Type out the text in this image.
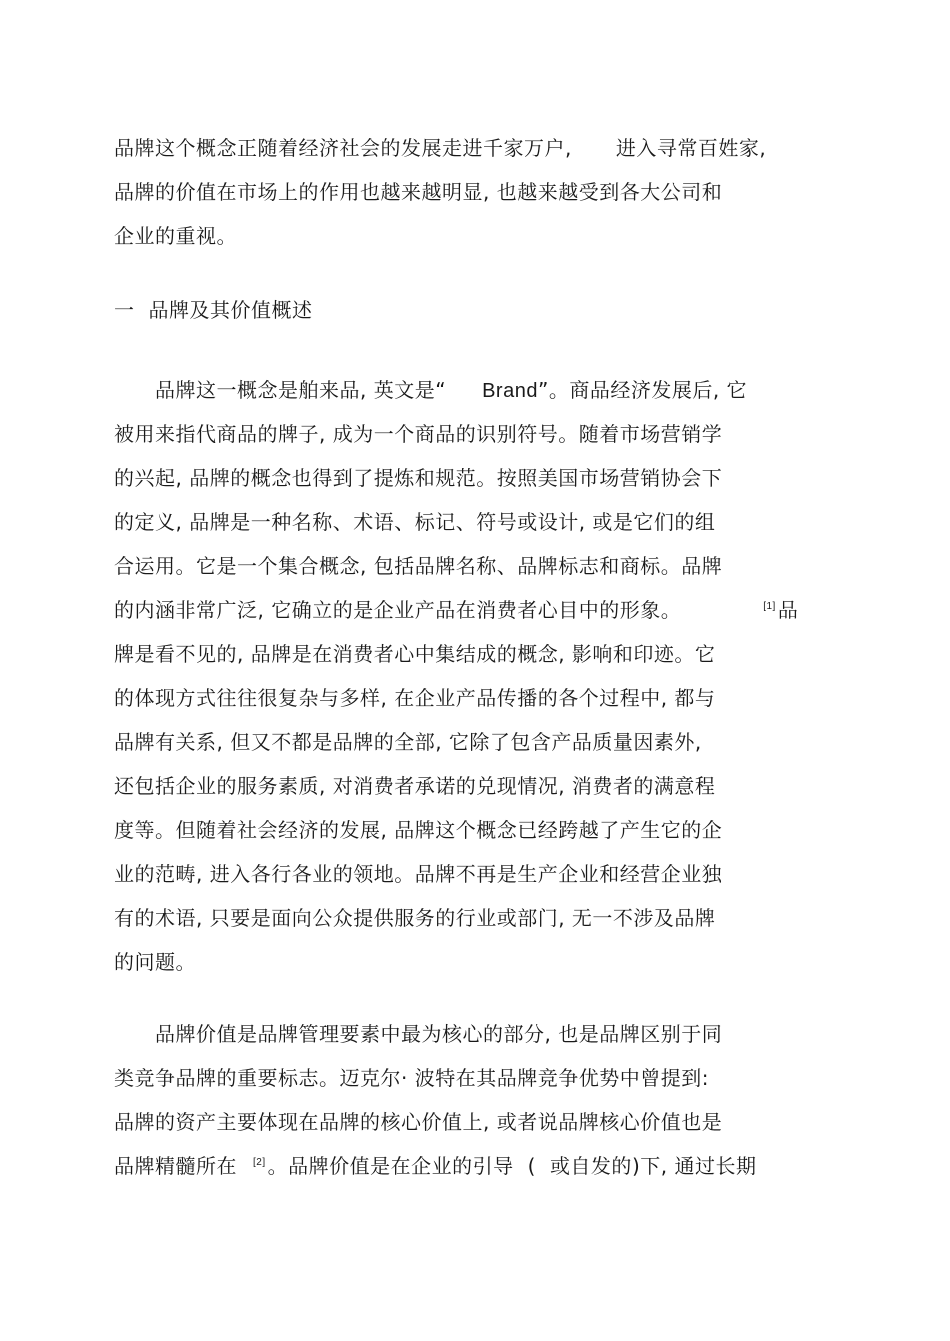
品牌这个概念正随着经济社会的发展走进千家万户, 进入寻常百姓家,
品牌的价值在市场上的作用也越来越明显, 也越来越受到各大公司和
企业的重视。
一 品牌及其价值概述
品牌这一概念是舶来品, 英文是“ Brand”。商品经济发展后, 它
被用来指代商品的牌子, 成为一个商品的识别符号。随着市场营销学
的兴起, 品牌的概念也得到了提炼和规范。按照美国市场营销协会下
的定义, 品牌是一种名称、术语、标记、符号或设计, 或是它们的组
合运用。它是一个集合概念, 包括品牌名称、品牌标志和商标。品牌
的内涵非常广泛, 它确立的是企业产品在消费者心目中的形象。	[1] 品
牌是看不见的, 品牌是在消费者心中集结成的概念, 影响和印迹。它
的体现方式往往很复杂与多样, 在企业产品传播的各个过程中, 都与
品牌有关系, 但又不都是品牌的全部, 它除了包含产品质量因素外,
还包括企业的服务素质, 对消费者承诺的兑现情况, 消费者的满意程
度等。但随着社会经济的发展, 品牌这个概念已经跨越了产生它的企
业的范畴, 进入各行各业的领地。品牌不再是生产企业和经营企业独
有的术语, 只要是面向公众提供服务的行业或部门, 无一不涉及品牌
的问题。
品牌价值是品牌管理要素中最为核心的部分, 也是品牌区别于同
类竞争品牌的重要标志。迈克尔· 波特在其品牌竞争优势中曾提到:
品牌的资产主要体现在品牌的核心价值上, 或者说品牌核心价值也是
品牌精髓所在 [2] 。品牌价值是在企业的引导 ( 或自发的)下, 通过长期
